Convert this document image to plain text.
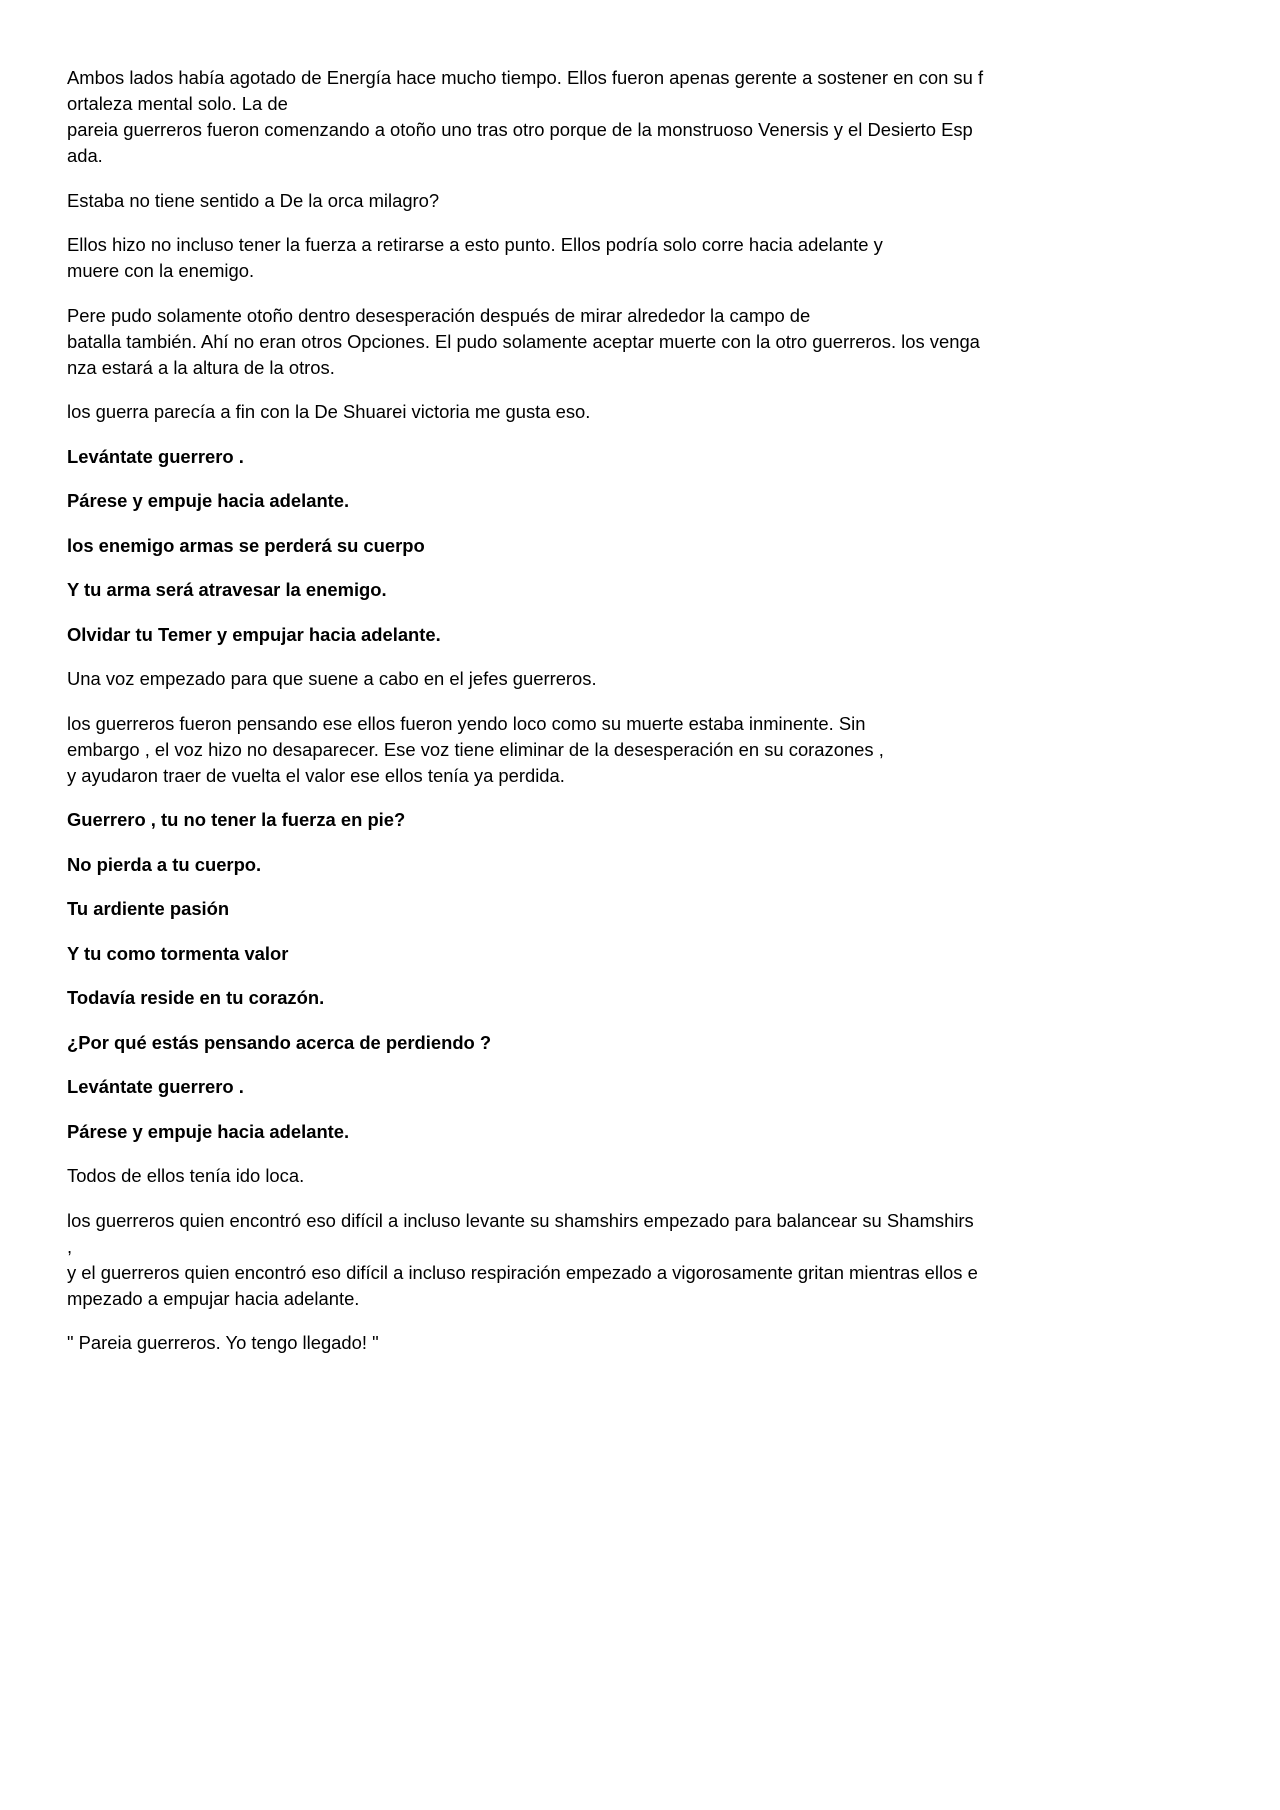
Ambos lados había agotado de Energía hace mucho tiempo. Ellos fueron apenas gerente a sostener en con su f
ortaleza mental solo. La de
pareia guerreros fueron comenzando a otoño uno tras otro porque de la monstruoso Venersis y el Desierto Esp
ada.

Estaba no tiene sentido a De la orca milagro?

Ellos hizo no incluso tener la fuerza a retirarse a esto punto. Ellos podría solo corre hacia adelante y
muere con la enemigo.

Pere pudo solamente otoño dentro desesperación después de mirar alrededor la campo de
batalla también. Ahí no eran otros Opciones. El pudo solamente aceptar muerte con la otro guerreros. los venga
nza estará a la altura de la otros.

los guerra parecía a fin con la De Shuarei victoria me gusta eso.

Levántate guerrero .

Párese y empuje hacia adelante.

los enemigo armas se perderá su cuerpo

Y tu arma será atravesar la enemigo.

Olvidar tu Temer y empujar hacia adelante.

Una voz empezado para que suene a cabo en el jefes guerreros.

los guerreros fueron pensando ese ellos fueron yendo loco como su muerte estaba inminente. Sin
embargo , el voz hizo no desaparecer. Ese voz tiene eliminar de la desesperación en su corazones ,
y ayudaron traer de vuelta el valor ese ellos tenía ya perdida.

Guerrero , tu no tener la fuerza en pie?

No pierda a tu cuerpo.

Tu ardiente pasión

Y tu como tormenta valor

Todavía reside en tu corazón.

¿Por qué estás pensando acerca de perdiendo ?

Levántate guerrero .

Párese y empuje hacia adelante.

Todos de ellos tenía ido loca.

los guerreros quien encontró eso difícil a incluso levante su shamshirs empezado para balancear su Shamshirs
,
y el guerreros quien encontró eso difícil a incluso respiración empezado a vigorosamente gritan mientras ellos e
mpezado a empujar hacia adelante.

" Pareia guerreros. Yo tengo llegado! "
